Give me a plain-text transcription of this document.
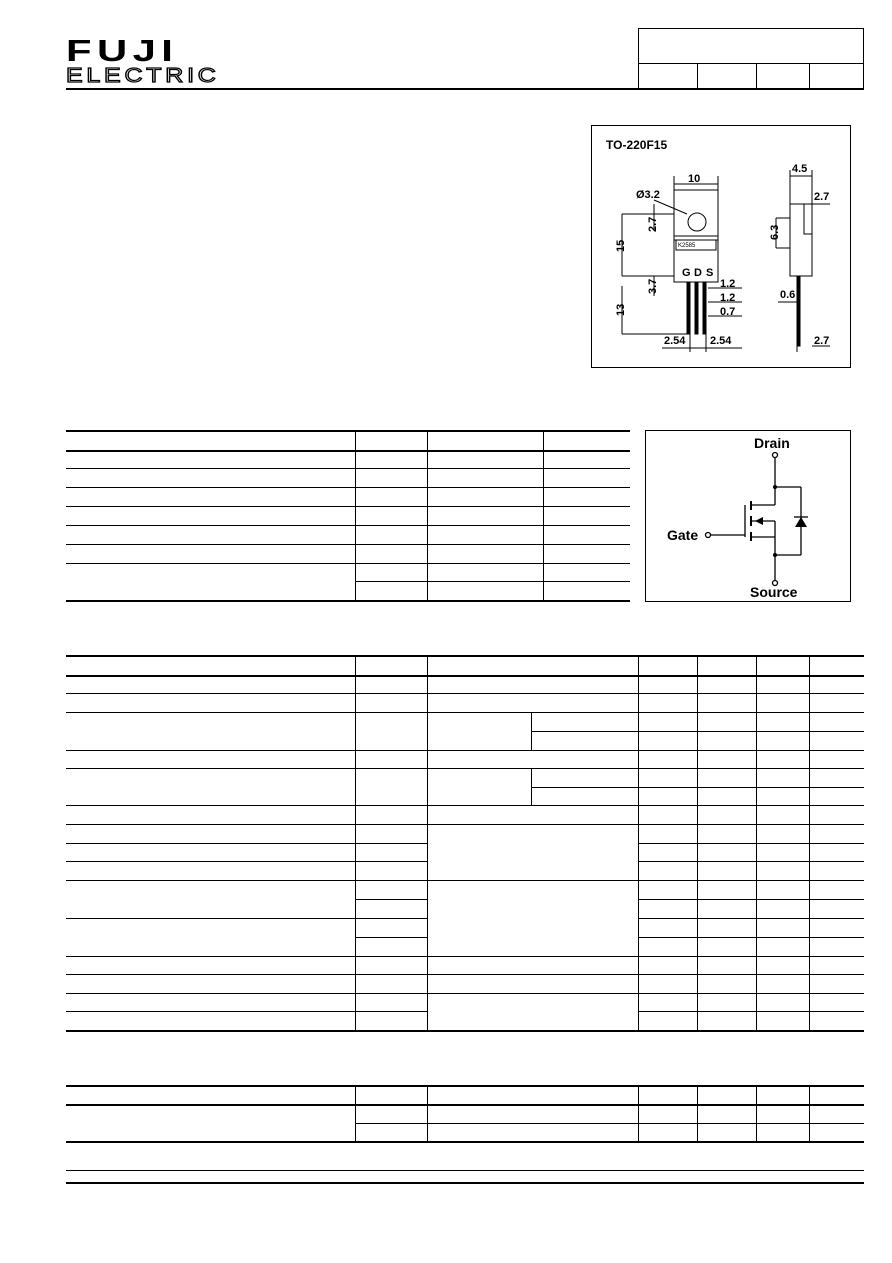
FUJI
ELECTRIC
TO-220F15
10
Ø3.2
2.7
15
3.7
13
1.2
1.2
0.7
2.54 2.54
G D S
K2585
4.5
2.7
6.3
0.6
2.7
Drain
Gate
Source
